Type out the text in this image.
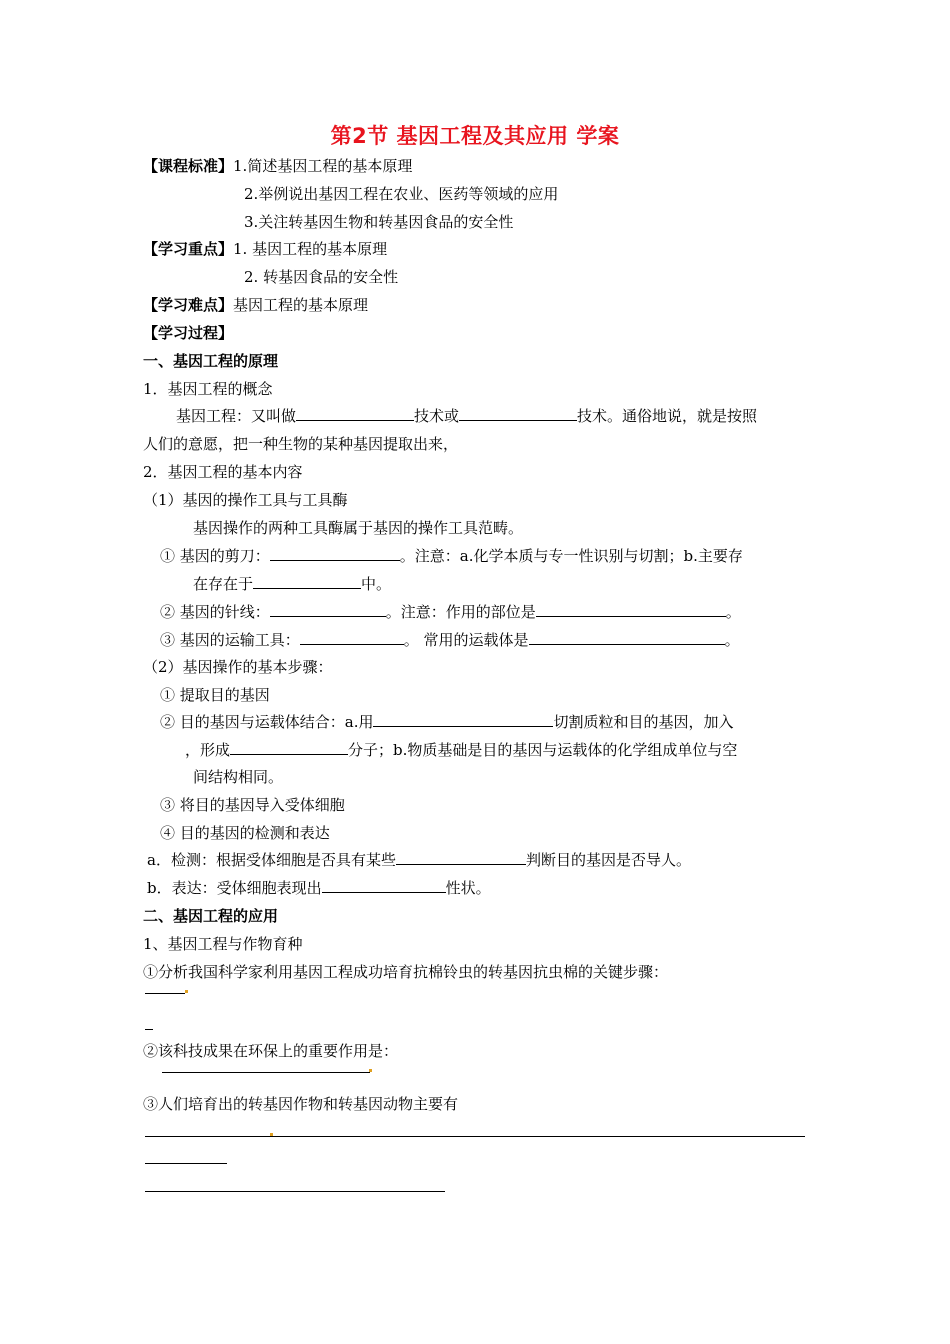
第2节 基因工程及其应用 学案
【课程标准】1.简述基因工程的基本原理
2.举例说出基因工程在农业、医药等领域的应用
3.关注转基因生物和转基因食品的安全性
【学习重点】1. 基因工程的基本原理
2. 转基因食品的安全性
【学习难点】基因工程的基本原理
【学习过程】
一、基因工程的原理
1．基因工程的概念
基因工程：又叫做	技术或	技术。通俗地说，就是按照
人们的意愿，把一种生物的某种基因提取出来，
2．基因工程的基本内容
（1）基因的操作工具与工具酶
基因操作的两种工具酶属于基因的操作工具范畴。
① 基因的剪刀：	。注意：a.化学本质与专一性识别与切割；b.主要存
在存在于	中。
② 基因的针线：	。注意：作用的部位是	。
③ 基因的运输工具：	。 常用的运载体是	。
（2）基因操作的基本步骤：
① 提取目的基因
② 目的基因与运载体结合：a.用	切割质粒和目的基因，加入
，形成	分子；b.物质基础是目的基因与运载体的化学组成单位与空
间结构相同。
③ 将目的基因导入受体细胞
④ 目的基因的检测和表达
a．检测：根据受体细胞是否具有某些	判断目的基因是否导人。
b．表达：受体细胞表现出	性状。
二、基因工程的应用
1、基因工程与作物育种
①分析我国科学家利用基因工程成功培育抗棉铃虫的转基因抗虫棉的关键步骤：
②该科技成果在环保上的重要作用是：
③人们培育出的转基因作物和转基因动物主要有
